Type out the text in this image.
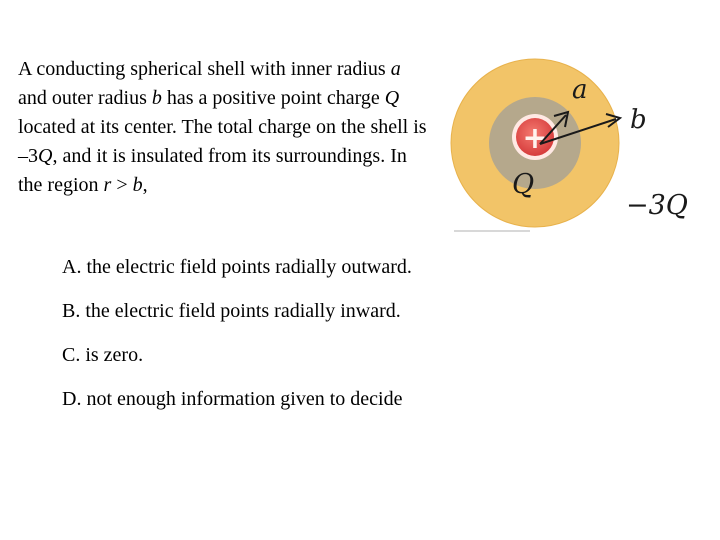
A conducting spherical shell with inner radius a and outer radius b has a positive point charge Q located at its center. The total charge on the shell is –3Q, and it is insulated from its surroundings. In the region r > b,
A. the electric field points radially outward.
B. the electric field points radially inward.
C. is zero.
D. not enough information given to decide
+
Q
a
b
−3Q
